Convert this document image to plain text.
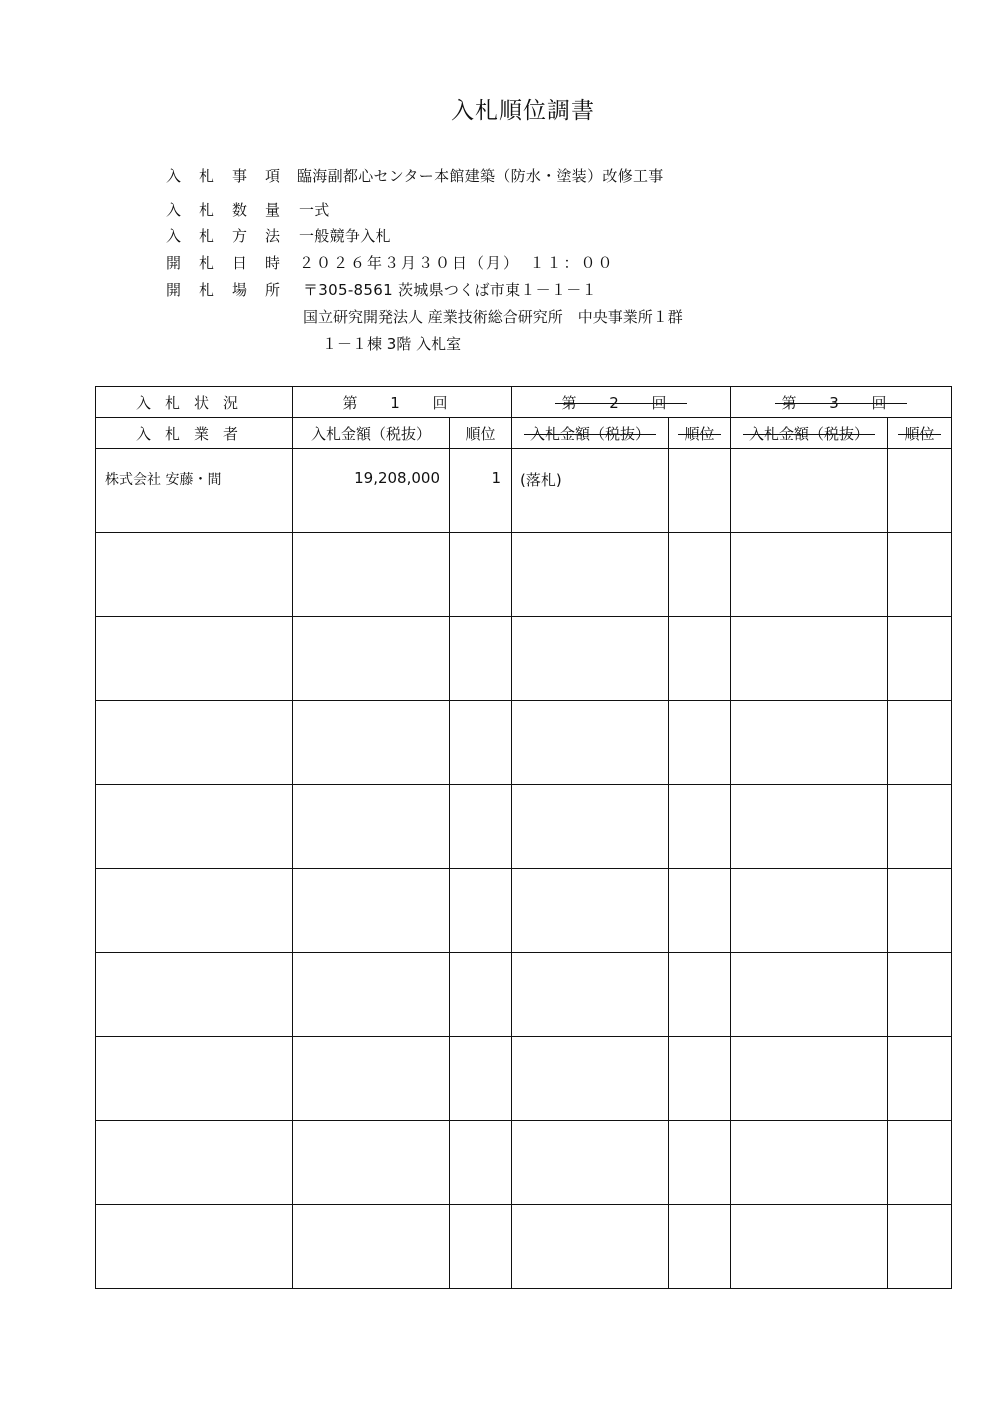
入札順位調書
入札事項
臨海副都心センター本館建築（防水・塗装）改修工事
入札数量 一式
入札方法 一般競争入札
開札日時 ２０２６年３月３０日（月）　１１：００
開札場所 〒305-8561 茨城県つくば市東１－１－１
国立研究開発法人 産業技術総合研究所　中央事業所１群
１－１棟 3階 入札室
入札状況	第 1 回		第 2 回		第 3 回	
入札業者	入札金額（税抜）	順位	入札金額（税抜）	順位	入札金額（税抜）	順位
株式会社 安藤・間	19,208,000	1	(落札)			
